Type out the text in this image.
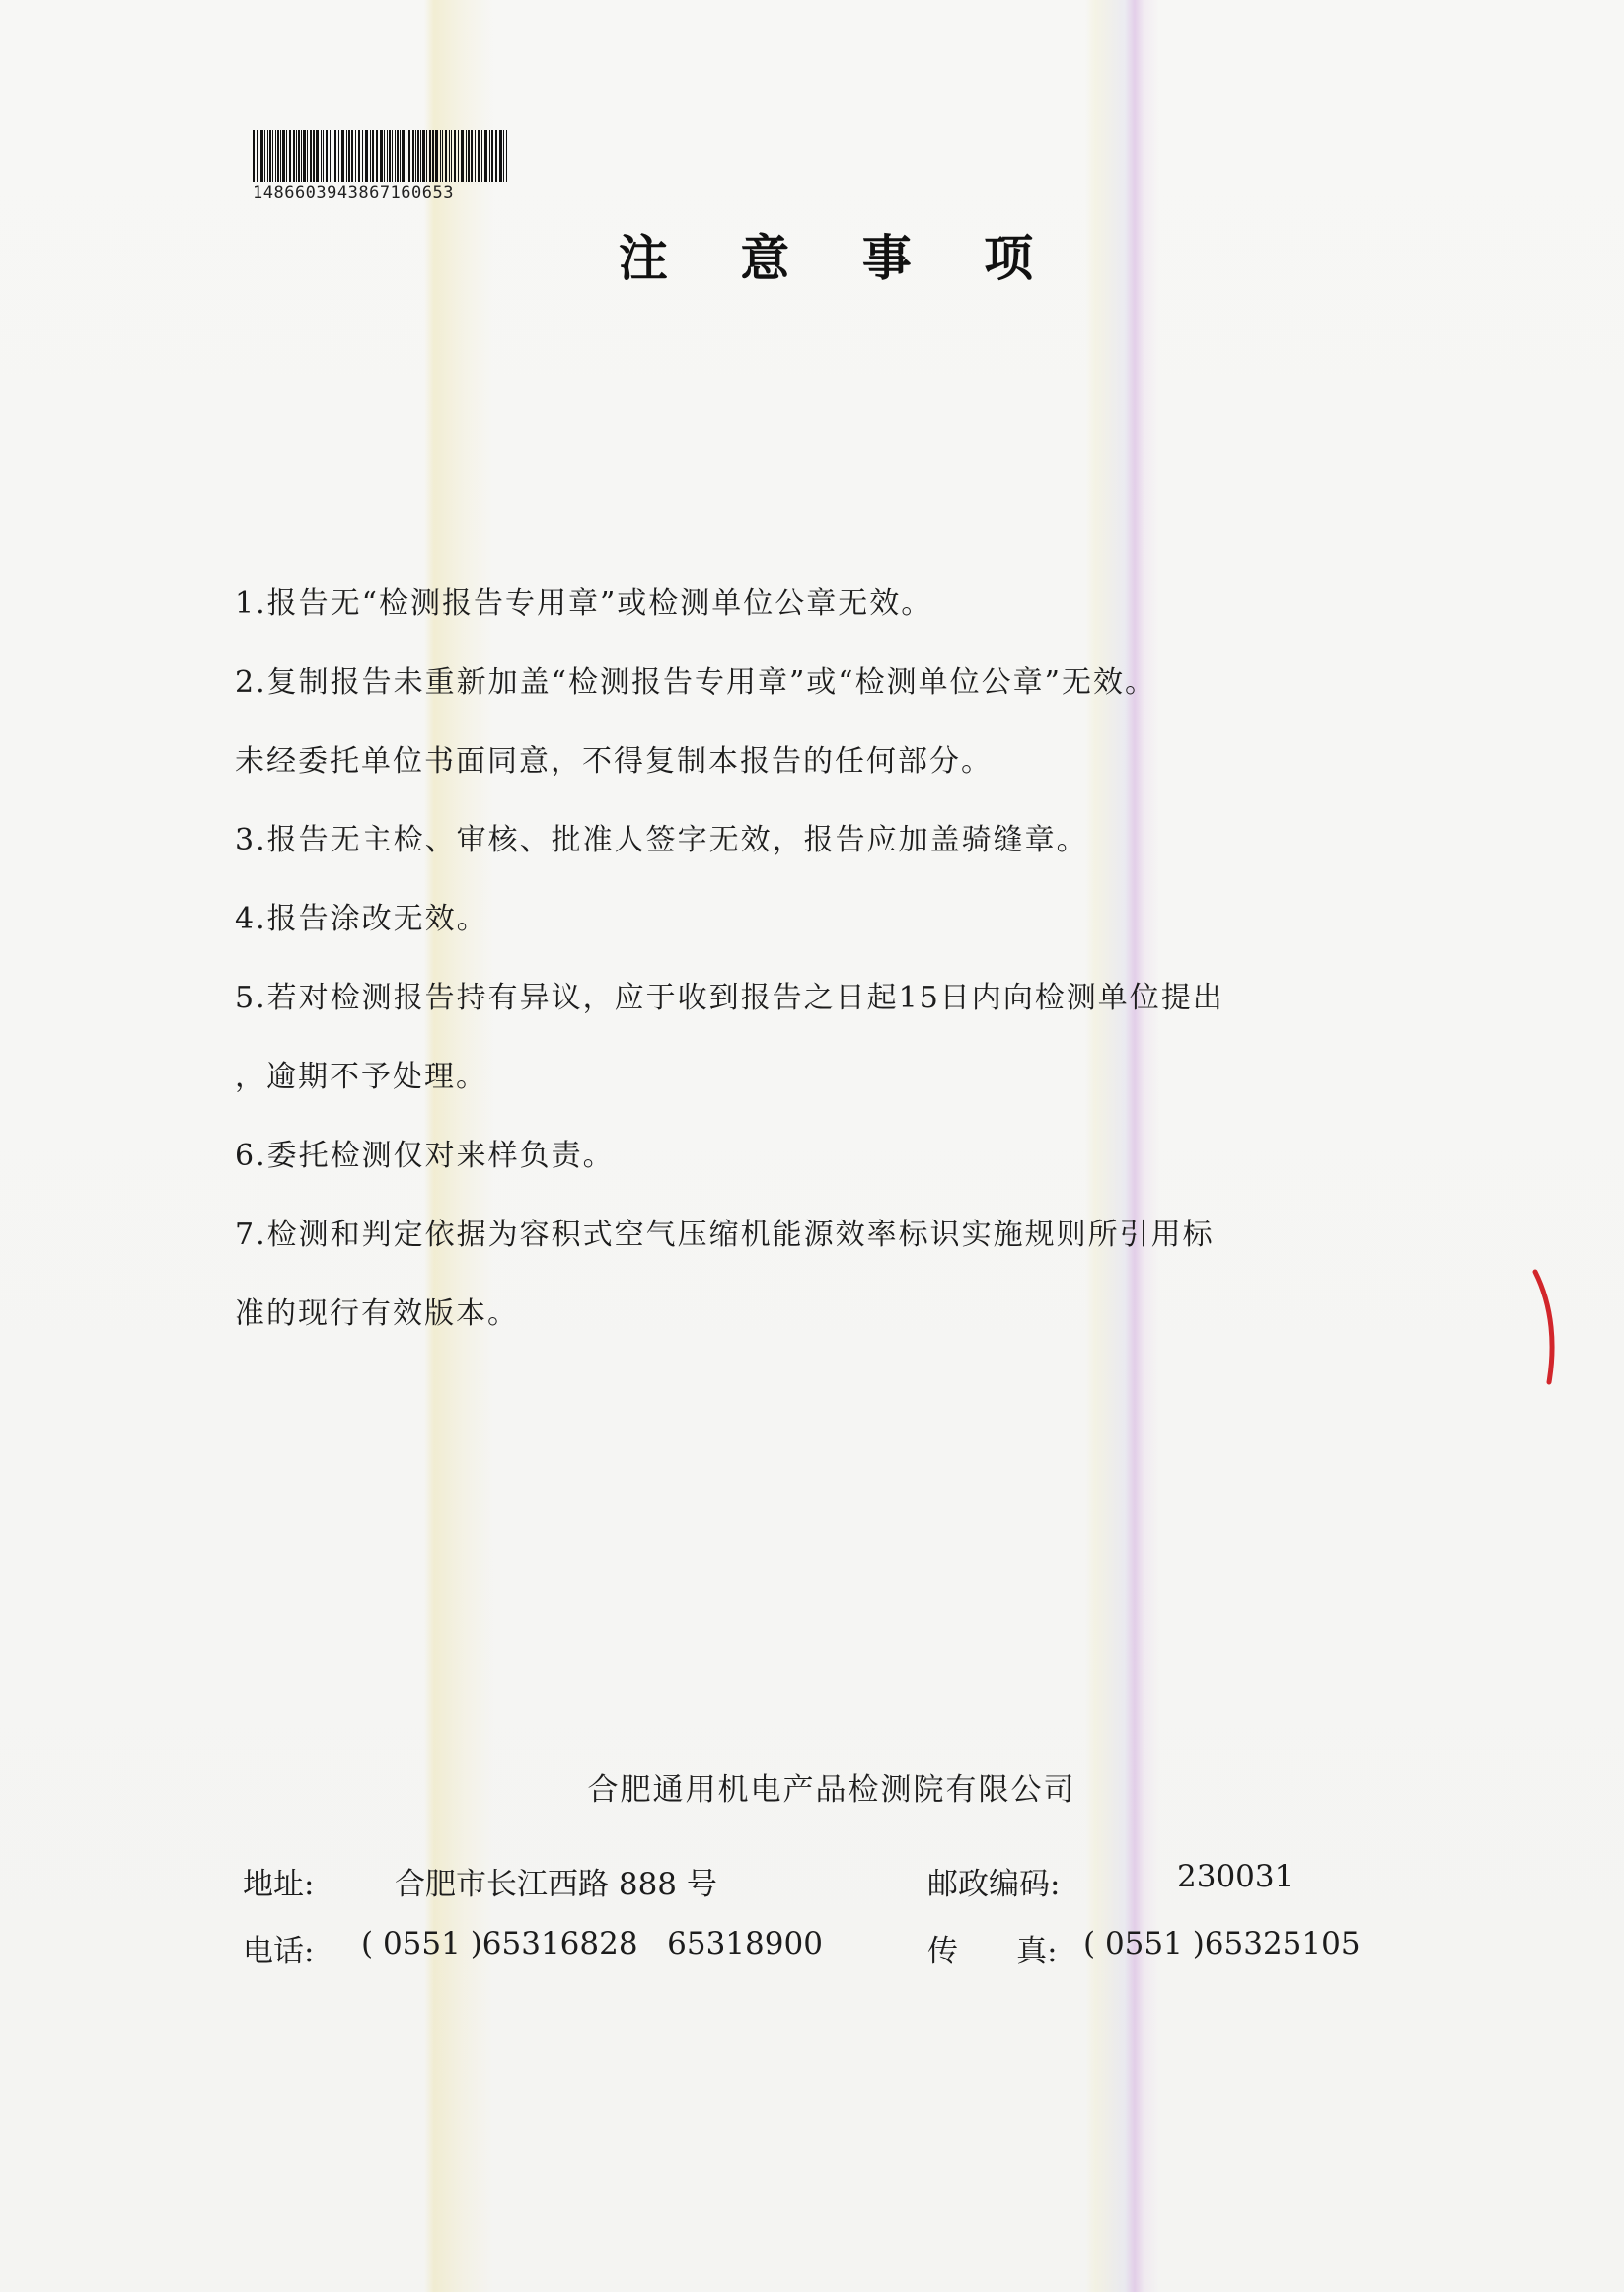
1486603943867160653
注 意 事 项
1.报告无“检测报告专用章”或检测单位公章无效。
2.复制报告未重新加盖“检测报告专用章”或“检测单位公章”无效。
未经委托单位书面同意，不得复制本报告的任何部分。
3.报告无主检、审核、批准人签字无效，报告应加盖骑缝章。
4.报告涂改无效。
5.若对检测报告持有异议，应于收到报告之日起15日内向检测单位提出
，逾期不予处理。
6.委托检测仅对来样负责。
7.检测和判定依据为容积式空气压缩机能源效率标识实施规则所引用标
准的现行有效版本。
合肥通用机电产品检测院有限公司
地址:	合肥市长江西路 888 号	邮政编码:	230031
电话: ( 0551 )65316828   65318900	传      真: ( 0551 )65325105
